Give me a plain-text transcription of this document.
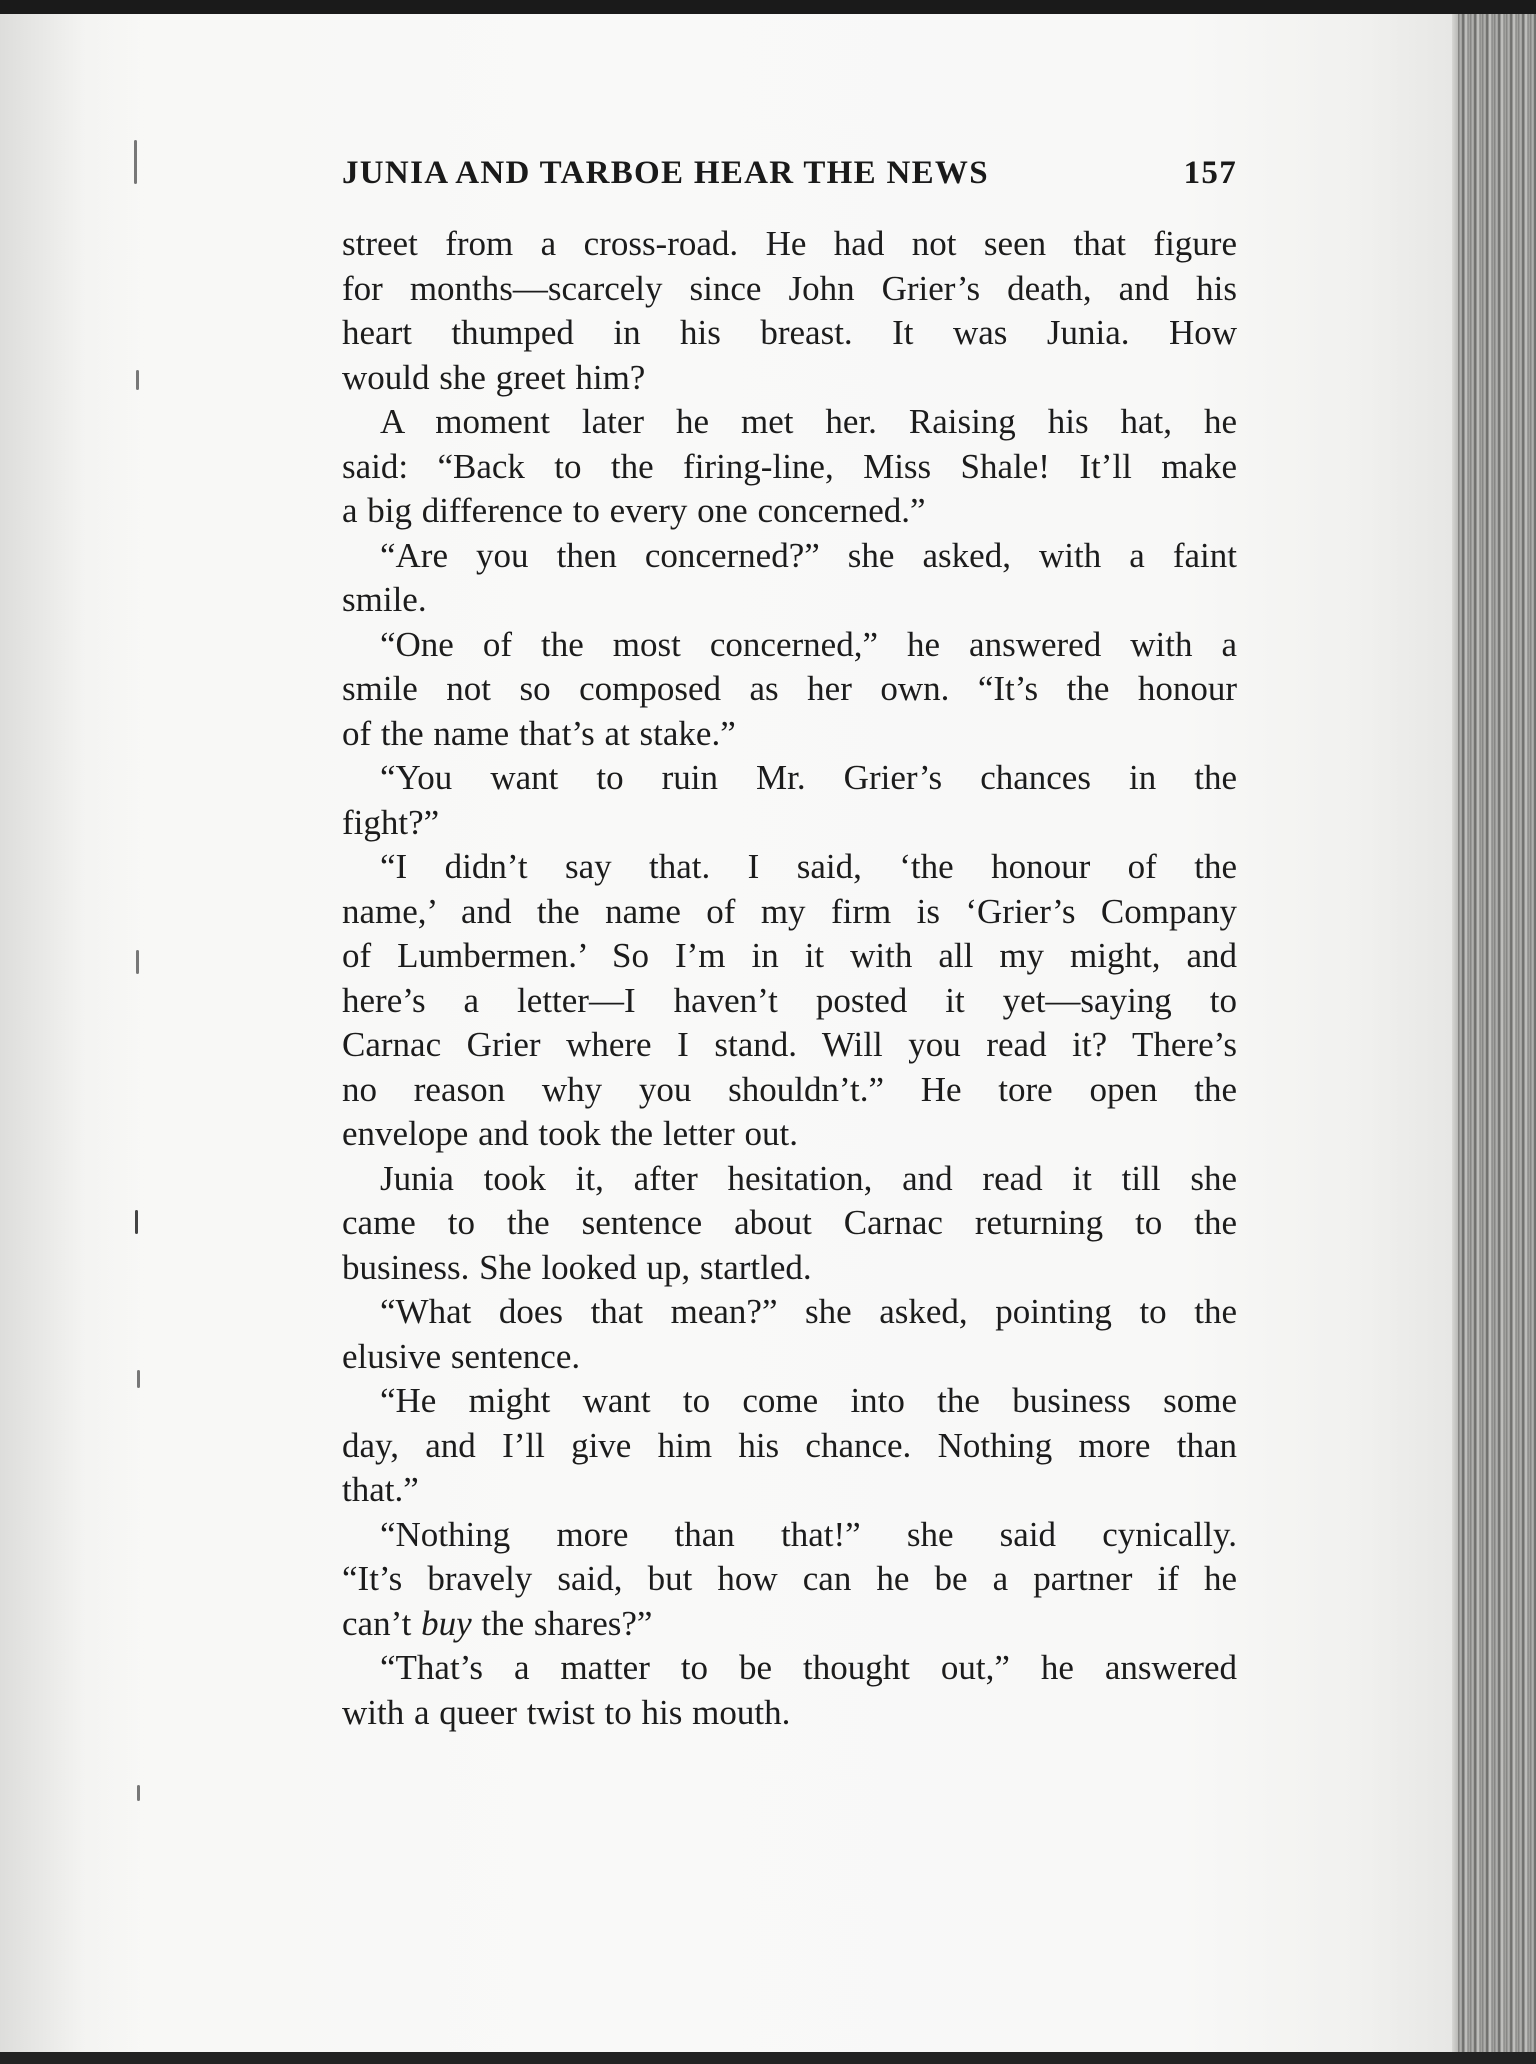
JUNIA AND TARBOE HEAR THE NEWS	157
street from a cross-road. He had not seen that figure
for months—scarcely since John Grier’s death, and his
heart thumped in his breast. It was Junia. How
would she greet him?
A moment later he met her. Raising his hat, he
said: “Back to the firing-line, Miss Shale! It’ll make
a big difference to every one concerned.”
“Are you then concerned?” she asked, with a faint
smile.
“One of the most concerned,” he answered with a
smile not so composed as her own. “It’s the honour
of the name that’s at stake.”
“You want to ruin Mr. Grier’s chances in the
fight?”
“I didn’t say that. I said, ‘the honour of the
name,’ and the name of my firm is ‘Grier’s Company
of Lumbermen.’ So I’m in it with all my might, and
here’s a letter—I haven’t posted it yet—saying to
Carnac Grier where I stand. Will you read it? There’s
no reason why you shouldn’t.” He tore open the
envelope and took the letter out.
Junia took it, after hesitation, and read it till she
came to the sentence about Carnac returning to the
business. She looked up, startled.
“What does that mean?” she asked, pointing to the
elusive sentence.
“He might want to come into the business some
day, and I’ll give him his chance. Nothing more than
that.”
“Nothing more than that!” she said cynically.
“It’s bravely said, but how can he be a partner if he
can’t buy the shares?”
“That’s a matter to be thought out,” he answered
with a queer twist to his mouth.
